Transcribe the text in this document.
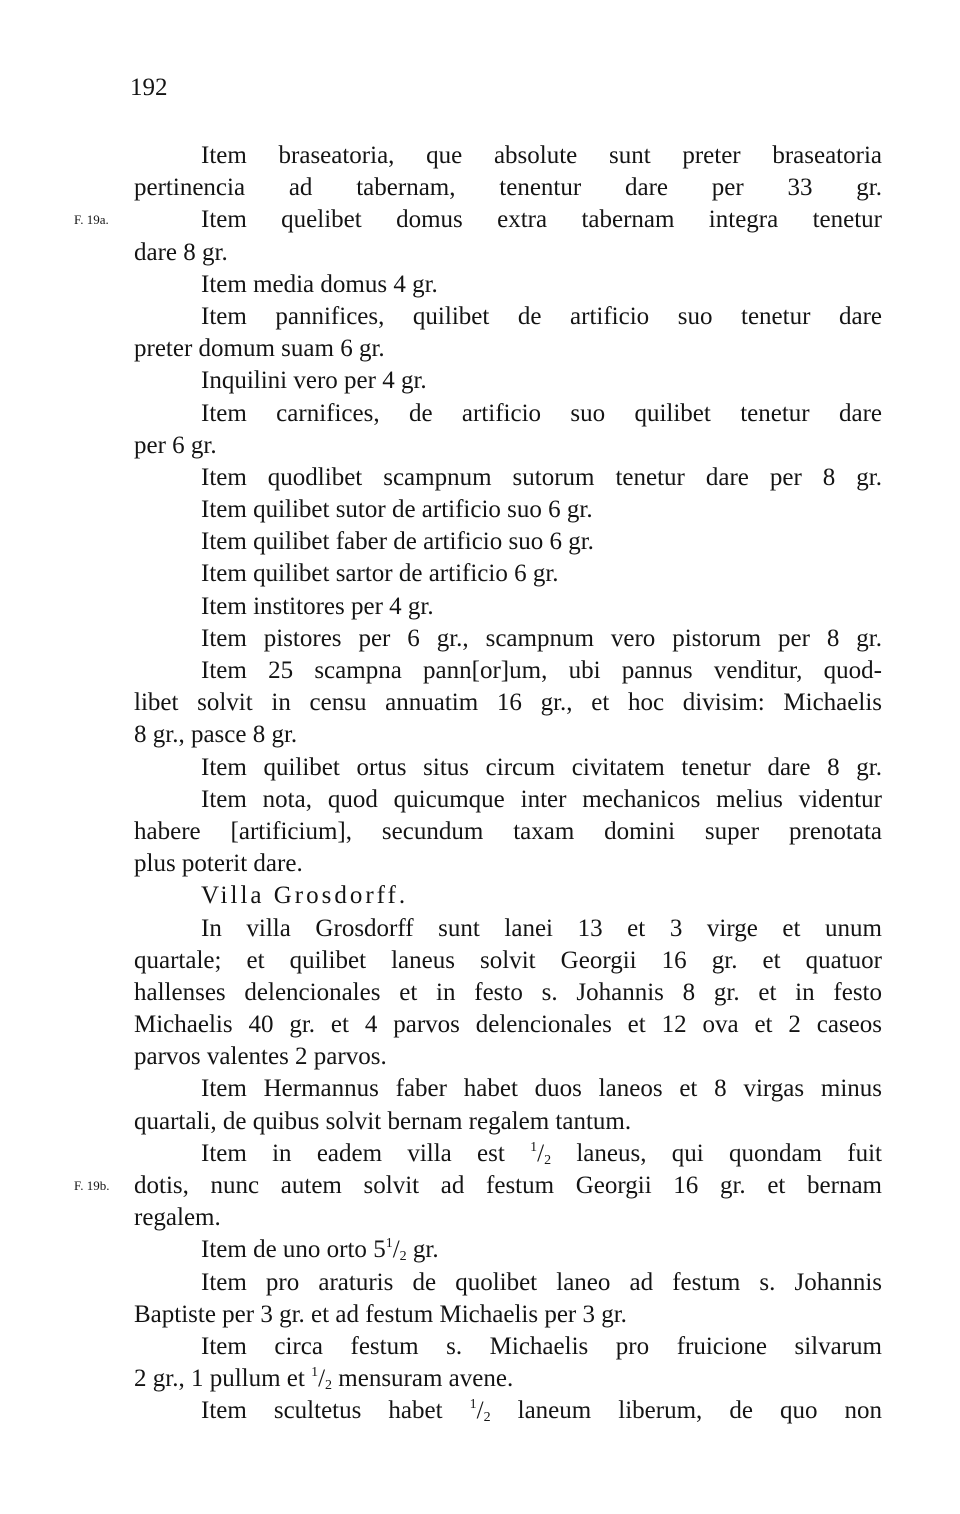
192
Item braseatoria, que absolute sunt preter braseatoria
pertinencia ad tabernam, tenentur dare per 33 gr.
F. 19a.	Item quelibet domus extra tabernam integra tenetur
dare 8 gr.
Item media domus 4 gr.
Item pannifices, quilibet de artificio suo tenetur dare
preter domum suam 6 gr.
Inquilini vero per 4 gr.
Item carnifices, de artificio suo quilibet tenetur dare
per 6 gr.
Item quodlibet scampnum sutorum tenetur dare per 8 gr.
Item quilibet sutor de artificio suo 6 gr.
Item quilibet faber de artificio suo 6 gr.
Item quilibet sartor de artificio 6 gr.
Item institores per 4 gr.
Item pistores per 6 gr., scampnum vero pistorum per 8 gr.
Item 25 scampna pann[or]um, ubi pannus venditur, quod-
libet solvit in censu annuatim 16 gr., et hoc divisim: Michaelis
8 gr., pasce 8 gr.
Item quilibet ortus situs circum civitatem tenetur dare 8 gr.
Item nota, quod quicumque inter mechanicos melius videntur
habere [artificium], secundum taxam domini super prenotata
plus poterit dare.
Villa Grosdorff.
In villa Grosdorff sunt lanei 13 et 3 virge et unum
quartale; et quilibet laneus solvit Georgii 16 gr. et quatuor
hallenses delencionales et in festo s. Johannis 8 gr. et in festo
Michaelis 40 gr. et 4 parvos delencionales et 12 ova et 2 caseos
parvos valentes 2 parvos.
Item Hermannus faber habet duos laneos et 8 virgas minus
quartali, de quibus solvit bernam regalem tantum.
Item in eadem villa est $^1/_2$ laneus, qui quondam fuit
F. 19b. dotis, nunc autem solvit ad festum Georgii 16 gr. et bernam
regalem.
Item de uno orto $5^1/_2$ gr.
Item pro araturis de quolibet laneo ad festum s. Johannis
Baptiste per 3 gr. et ad festum Michaelis per 3 gr.
Item circa festum s. Michaelis pro fruicione silvarum
2 gr., 1 pullum et $^1/_2$ mensuram avene.
Item scultetus habet $^1/_2$ laneum liberum, de quo non
